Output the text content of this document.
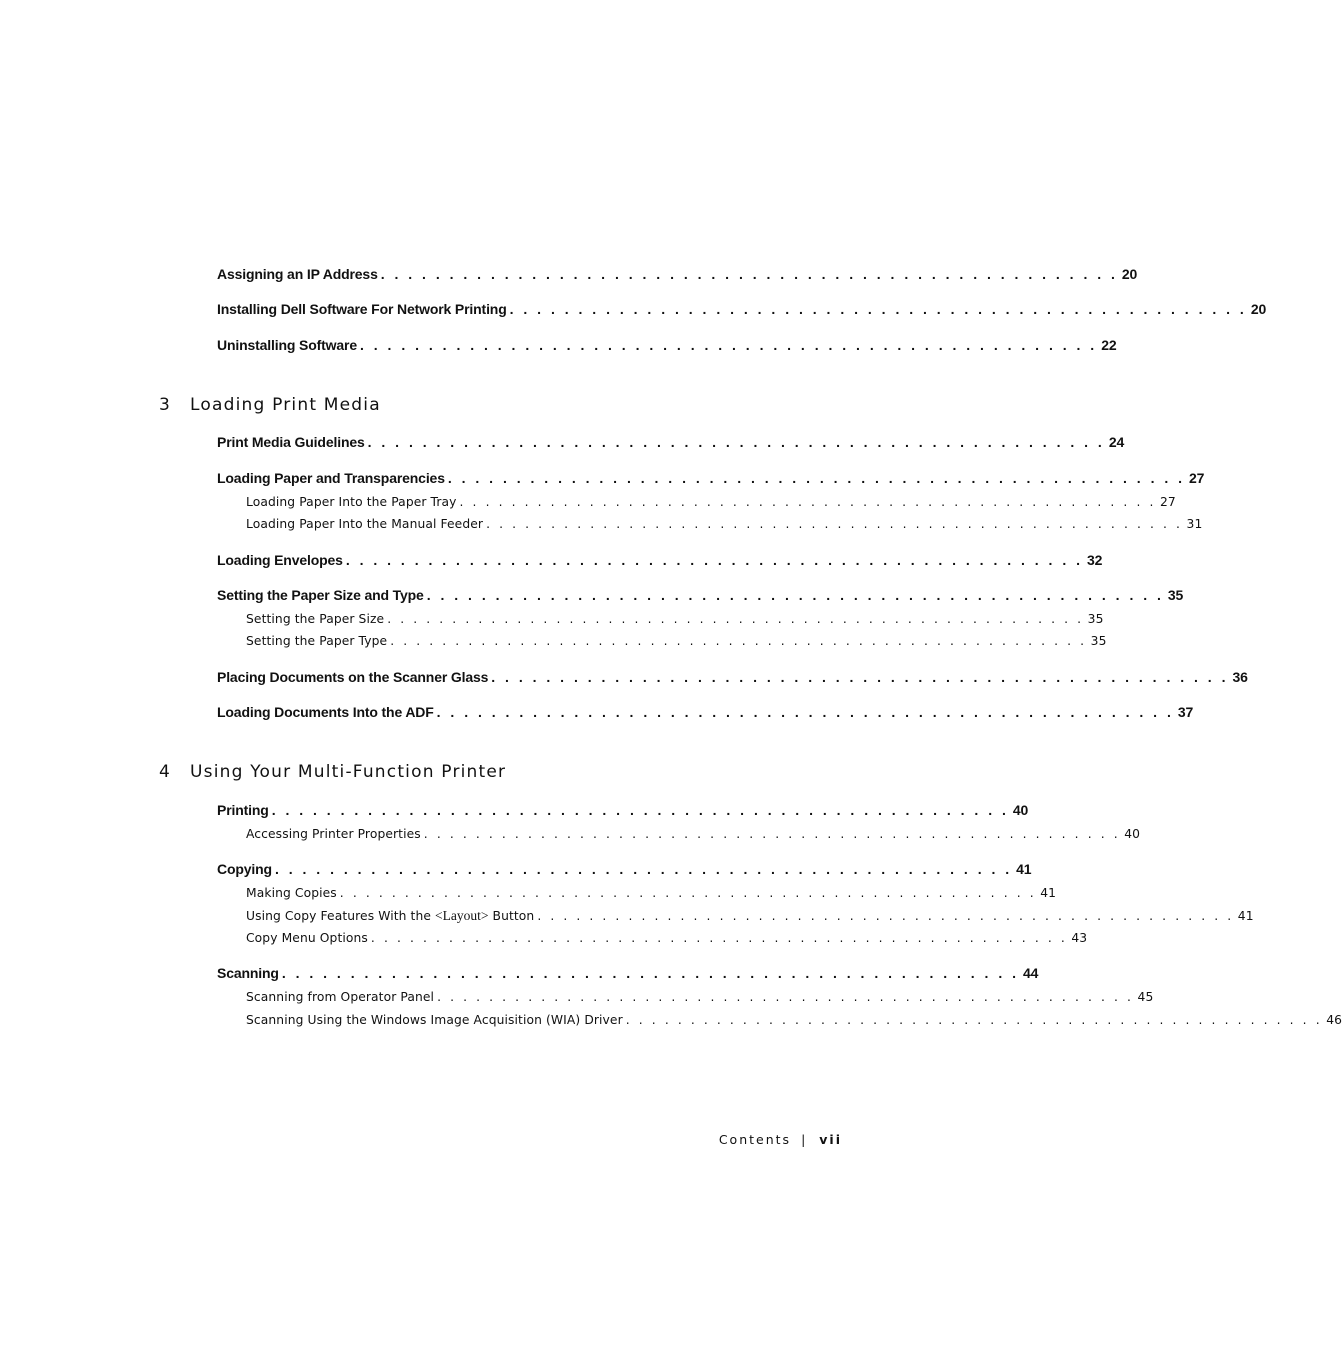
Assigning an IP Address . . . . . . . . . . . . . . . . . . . . . . . . . . . . . . . . . . . . . . . . . . . . . . . . . . . . . . 20
Installing Dell Software For Network Printing . . . . . . . . . . . . . . . . . . . . . . . . . . . . . . . . . . . . . . . . . . . . . . . . . . . . . . 20
Uninstalling Software . . . . . . . . . . . . . . . . . . . . . . . . . . . . . . . . . . . . . . . . . . . . . . . . . . . . . . 22
3 Loading Print Media
Print Media Guidelines . . . . . . . . . . . . . . . . . . . . . . . . . . . . . . . . . . . . . . . . . . . . . . . . . . . . . . 24
Loading Paper and Transparencies . . . . . . . . . . . . . . . . . . . . . . . . . . . . . . . . . . . . . . . . . . . . . . . . . . . . . . 27
Loading Paper Into the Paper Tray . . . . . . . . . . . . . . . . . . . . . . . . . . . . . . . . . . . . . . . . . . . . . . . . . . . . . . 27
Loading Paper Into the Manual Feeder . . . . . . . . . . . . . . . . . . . . . . . . . . . . . . . . . . . . . . . . . . . . . . . . . . . . . . 31
Loading Envelopes . . . . . . . . . . . . . . . . . . . . . . . . . . . . . . . . . . . . . . . . . . . . . . . . . . . . . . 32
Setting the Paper Size and Type . . . . . . . . . . . . . . . . . . . . . . . . . . . . . . . . . . . . . . . . . . . . . . . . . . . . . . 35
Setting the Paper Size . . . . . . . . . . . . . . . . . . . . . . . . . . . . . . . . . . . . . . . . . . . . . . . . . . . . . . 35
Setting the Paper Type . . . . . . . . . . . . . . . . . . . . . . . . . . . . . . . . . . . . . . . . . . . . . . . . . . . . . . 35
Placing Documents on the Scanner Glass . . . . . . . . . . . . . . . . . . . . . . . . . . . . . . . . . . . . . . . . . . . . . . . . . . . . . . 36
Loading Documents Into the ADF . . . . . . . . . . . . . . . . . . . . . . . . . . . . . . . . . . . . . . . . . . . . . . . . . . . . . . 37
4 Using Your Multi-Function Printer
Printing . . . . . . . . . . . . . . . . . . . . . . . . . . . . . . . . . . . . . . . . . . . . . . . . . . . . . . 40
Accessing Printer Properties . . . . . . . . . . . . . . . . . . . . . . . . . . . . . . . . . . . . . . . . . . . . . . . . . . . . . . 40
Copying . . . . . . . . . . . . . . . . . . . . . . . . . . . . . . . . . . . . . . . . . . . . . . . . . . . . . . 41
Making Copies . . . . . . . . . . . . . . . . . . . . . . . . . . . . . . . . . . . . . . . . . . . . . . . . . . . . . . 41
Using Copy Features With the <Layout> Button . . . . . . . . . . . . . . . . . . . . . . . . . . . . . . . . . . . . . . . . . . . . . . . . . . . . . . 41
Copy Menu Options . . . . . . . . . . . . . . . . . . . . . . . . . . . . . . . . . . . . . . . . . . . . . . . . . . . . . . 43
Scanning . . . . . . . . . . . . . . . . . . . . . . . . . . . . . . . . . . . . . . . . . . . . . . . . . . . . . . 44
Scanning from Operator Panel . . . . . . . . . . . . . . . . . . . . . . . . . . . . . . . . . . . . . . . . . . . . . . . . . . . . . . 45
Scanning Using the Windows Image Acquisition (WIA) Driver . . . . . . . . . . . . . . . . . . . . . . . . . . . . . . . . . . . . . . . . . . . . . . . . . . . . . . 46
Contents | vii
